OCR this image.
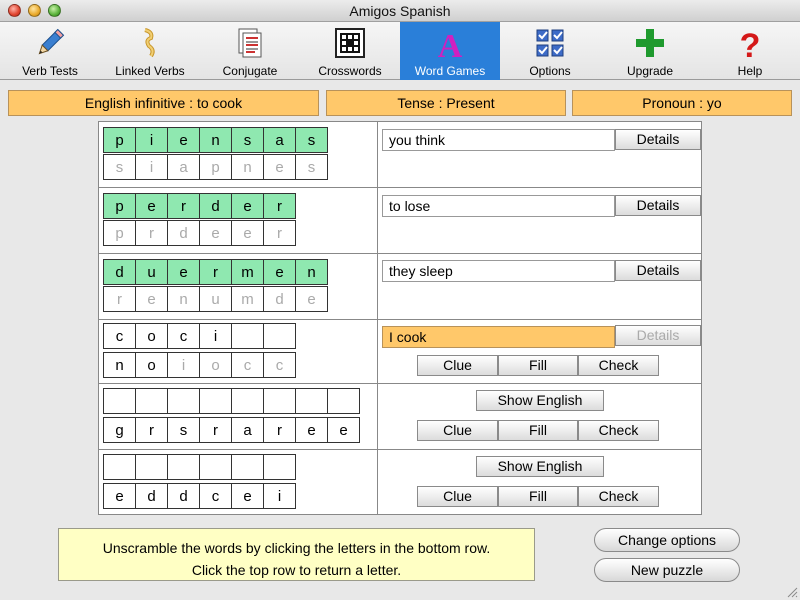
Amigos Spanish
Verb Tests	Linked Verbs	Conjugate	Crosswords
A
Word Games	Options	Upgrade
?
Help
English infinitive : to cook	Tense : Present	Pronoun : yo
p	i	e	n	s	a	s
s	i	a	p	n	e	s
you think	Details
p	e	r	d	e	r
p	r	d	e	e	r
to lose	Details
d	u	e	r	m	e	n
r	e	n	u	m	d	e
they sleep	Details
c	o	c	i
n	o	i	o	c	c
I cook	Details
Clue	Fill	Check
g	r	s	r	a	r	e	e
Show English
Clue	Fill	Check
e	d	d	c	e	i
Show English
Clue	Fill	Check
Unscramble the words by clicking the letters in the bottom row.
Click the top row to return a letter.
Change options
New puzzle
